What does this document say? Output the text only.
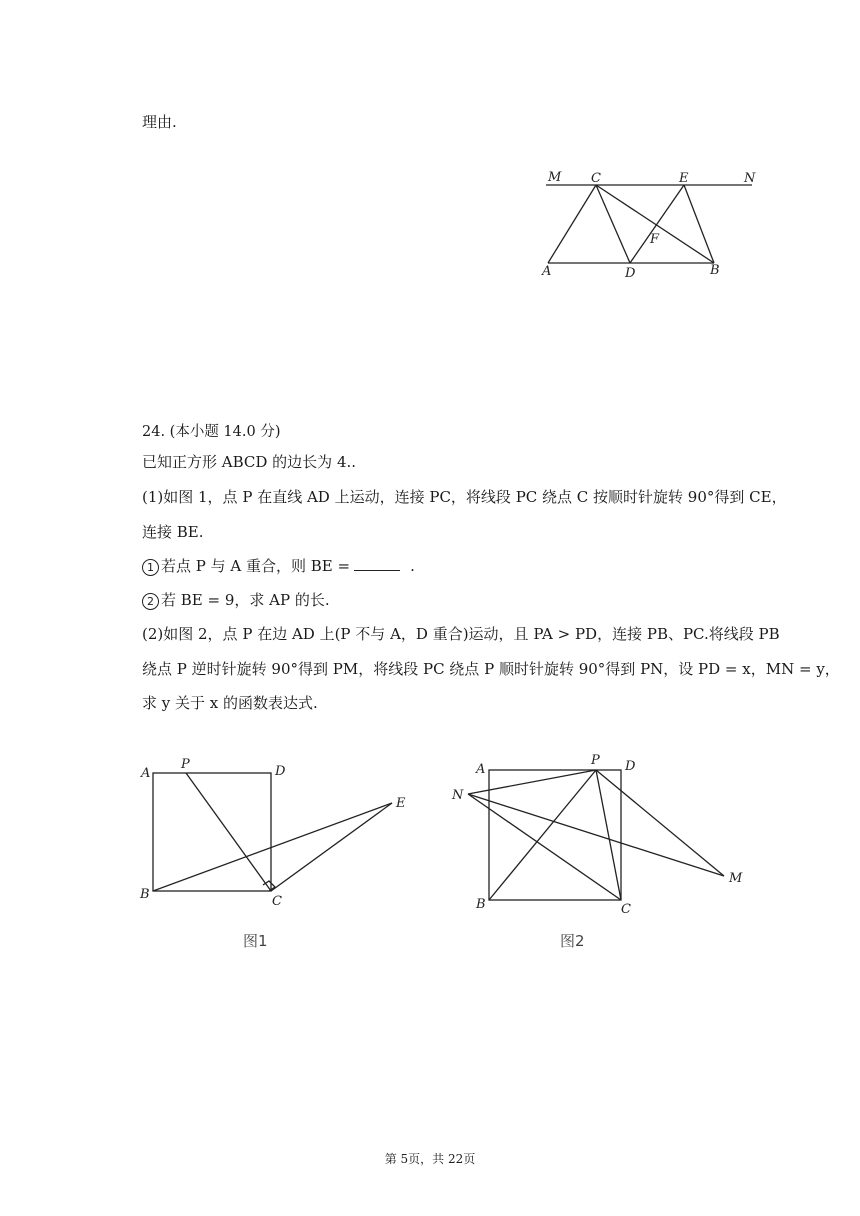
理由.
M C	E	N
F
A	D	B
24. (本小题 14.0 分)
已知正方形 ABCD 的边长为 4..
(1)如图 1，点 P 在直线 AD 上运动，连接 PC，将线段 PC 绕点 C 按顺时针旋转 90°得到 CE，
连接 BE.
1 若点 P 与 A 重合，则 BE =	.
2 若 BE = 9，求 AP 的长.
(2)如图 2，点 P 在边 AD 上(P 不与 A，D 重合)运动，且 PA > PD，连接 PB、PC.将线段 PB
绕点 P 逆时针旋转 90°得到 PM，将线段 PC 绕点 P 顺时针旋转 90°得到 PN，设 PD = x，MN = y，
求 y 关于 x 的函数表达式.
A
P	D
E
B	C
图1
A
P D
N
M
B	C
图2
第 5页，共 22页
